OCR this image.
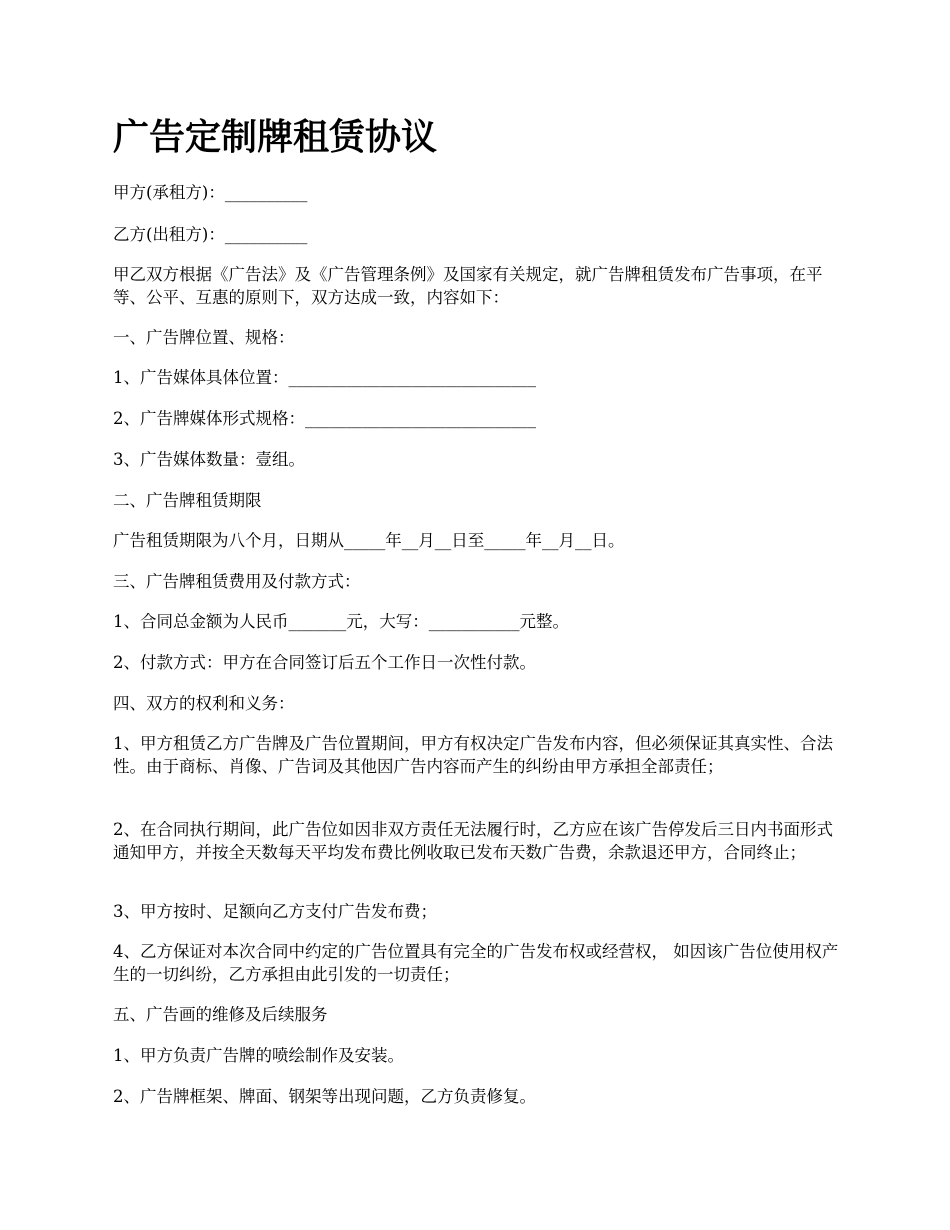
广告定制牌租赁协议

甲方(承租方)：__________

乙方(出租方)：__________

甲乙双方根据《广告法》及《广告管理条例》及国家有关规定，就广告牌租赁发布广告事项，在平等、公平、互惠的原则下，双方达成一致，内容如下：

一、广告牌位置、规格：

1、广告媒体具体位置：______________________________

2、广告牌媒体形式规格：____________________________

3、广告媒体数量：壹组。

二、广告牌租赁期限

广告租赁期限为八个月，日期从_____年__月__日至_____年__月__日。

三、广告牌租赁费用及付款方式：

1、合同总金额为人民币_______元，大写：___________元整。

2、付款方式：甲方在合同签订后五个工作日一次性付款。

四、双方的权利和义务：

1、甲方租赁乙方广告牌及广告位置期间，甲方有权决定广告发布内容，但必须保证其真实性、合法性。由于商标、肖像、广告词及其他因广告内容而产生的纠纷由甲方承担全部责任；

2、在合同执行期间，此广告位如因非双方责任无法履行时，乙方应在该广告停发后三日内书面形式通知甲方，并按全天数每天平均发布费比例收取已发布天数广告费，余款退还甲方，合同终止；

3、甲方按时、足额向乙方支付广告发布费；

4、乙方保证对本次合同中约定的广告位置具有完全的广告发布权或经营权， 如因该广告位使用权产生的一切纠纷，乙方承担由此引发的一切责任；

五、广告画的维修及后续服务

1、甲方负责广告牌的喷绘制作及安装。

2、广告牌框架、牌面、钢架等出现问题，乙方负责修复。
